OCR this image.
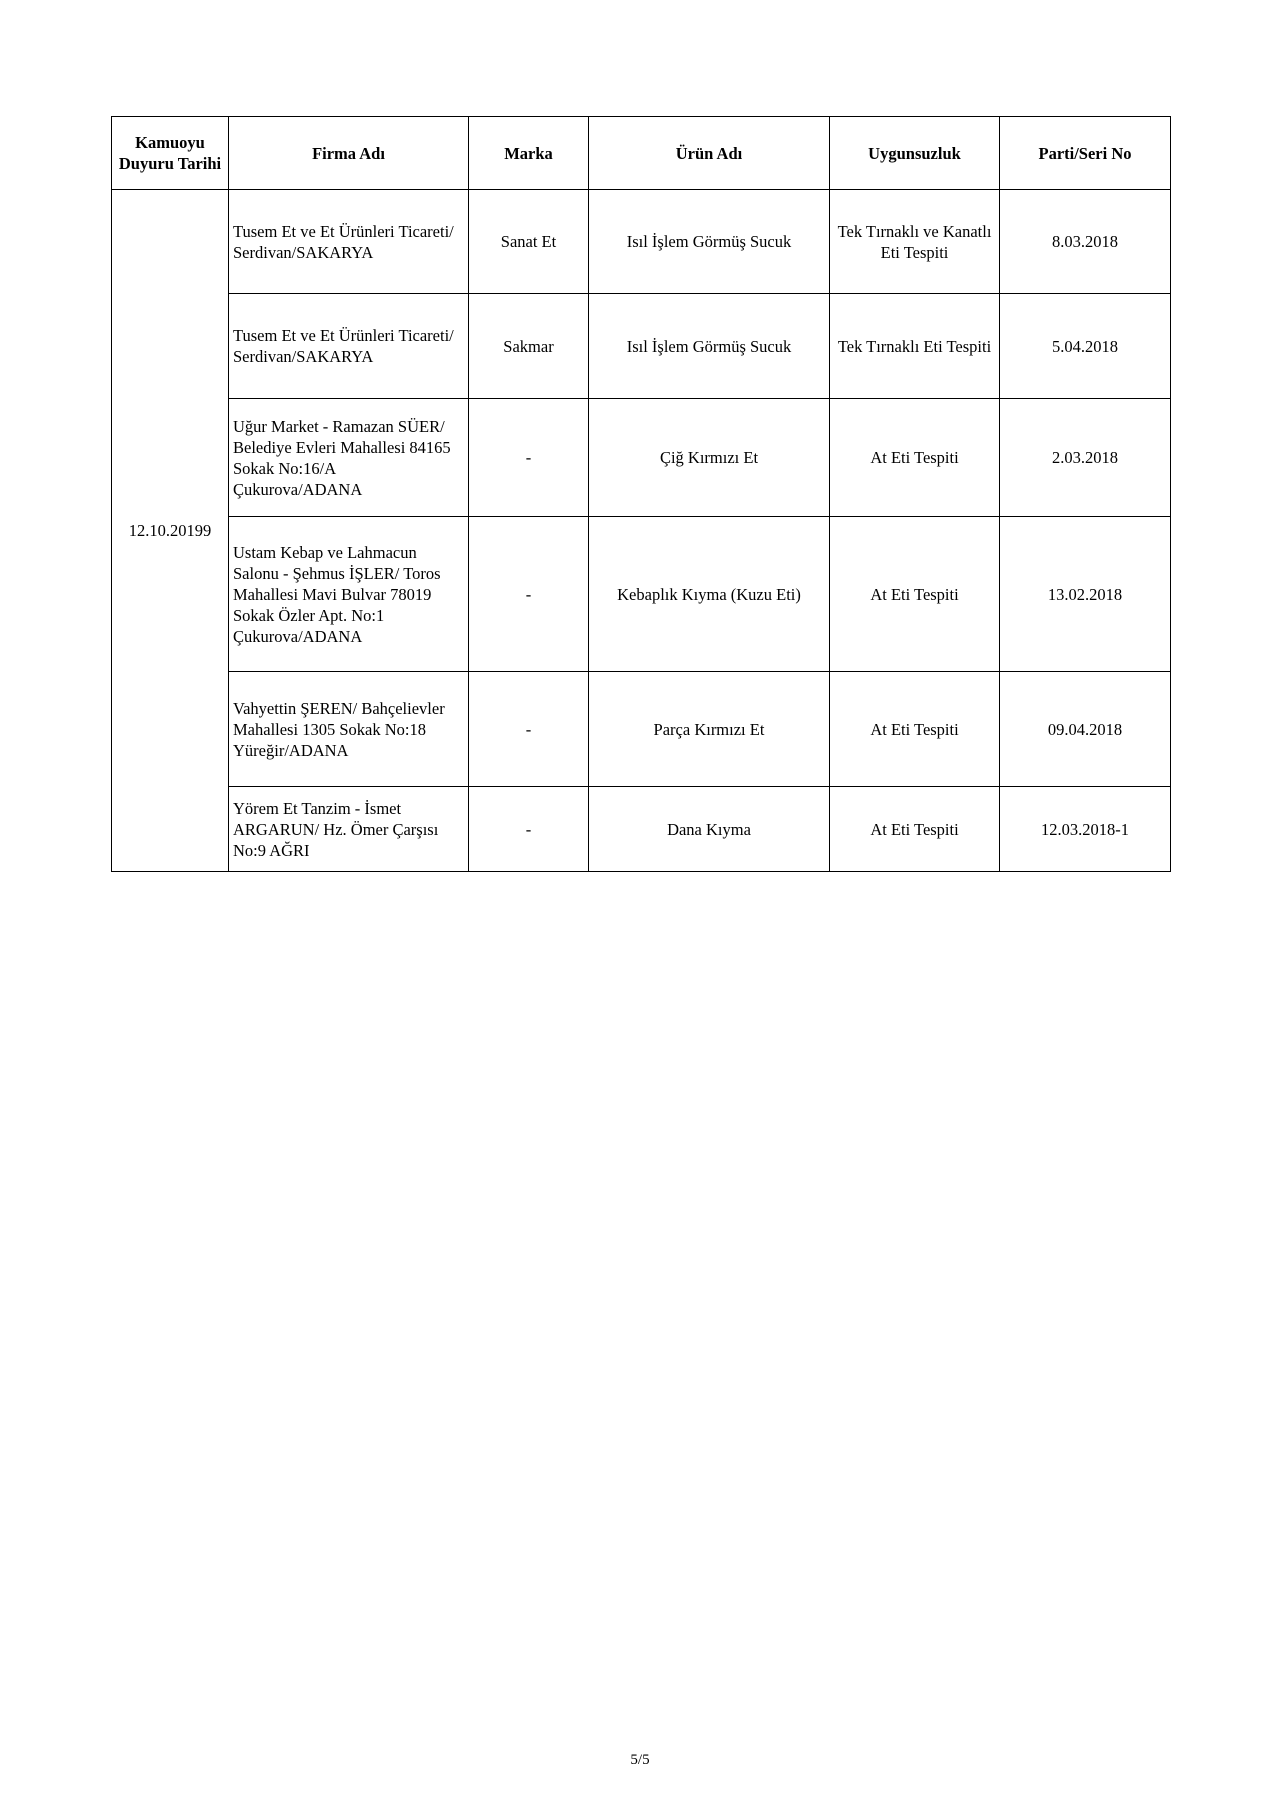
Kamuoyu Duyuru Tarihi	Firma Adı	Marka	Ürün Adı	Uygunsuzluk	Parti/Seri No
12.10.20199	Tusem Et ve Et Ürünleri Ticareti/ Serdivan/SAKARYA	Sanat Et	Isıl İşlem Görmüş Sucuk	Tek Tırnaklı ve Kanatlı Eti Tespiti	8.03.2018
	Tusem Et ve Et Ürünleri Ticareti/ Serdivan/SAKARYA	Sakmar	Isıl İşlem Görmüş Sucuk	Tek Tırnaklı Eti Tespiti	5.04.2018
	Uğur Market - Ramazan SÜER/ Belediye Evleri Mahallesi 84165 Sokak No:16/A Çukurova/ADANA	-	Çiğ Kırmızı Et	At Eti Tespiti	2.03.2018
	Ustam Kebap ve Lahmacun Salonu - Şehmus İŞLER/ Toros Mahallesi Mavi Bulvar 78019 Sokak Özler Apt. No:1 Çukurova/ADANA	-	Kebaplık Kıyma (Kuzu Eti)	At Eti Tespiti	13.02.2018
	Vahyettin ŞEREN/ Bahçelievler Mahallesi 1305 Sokak No:18 Yüreğir/ADANA	-	Parça Kırmızı Et	At Eti Tespiti	09.04.2018
	Yörem Et Tanzim - İsmet ARGARUN/ Hz. Ömer Çarşısı No:9 AĞRI	-	Dana Kıyma	At Eti Tespiti	12.03.2018-1
5/5
